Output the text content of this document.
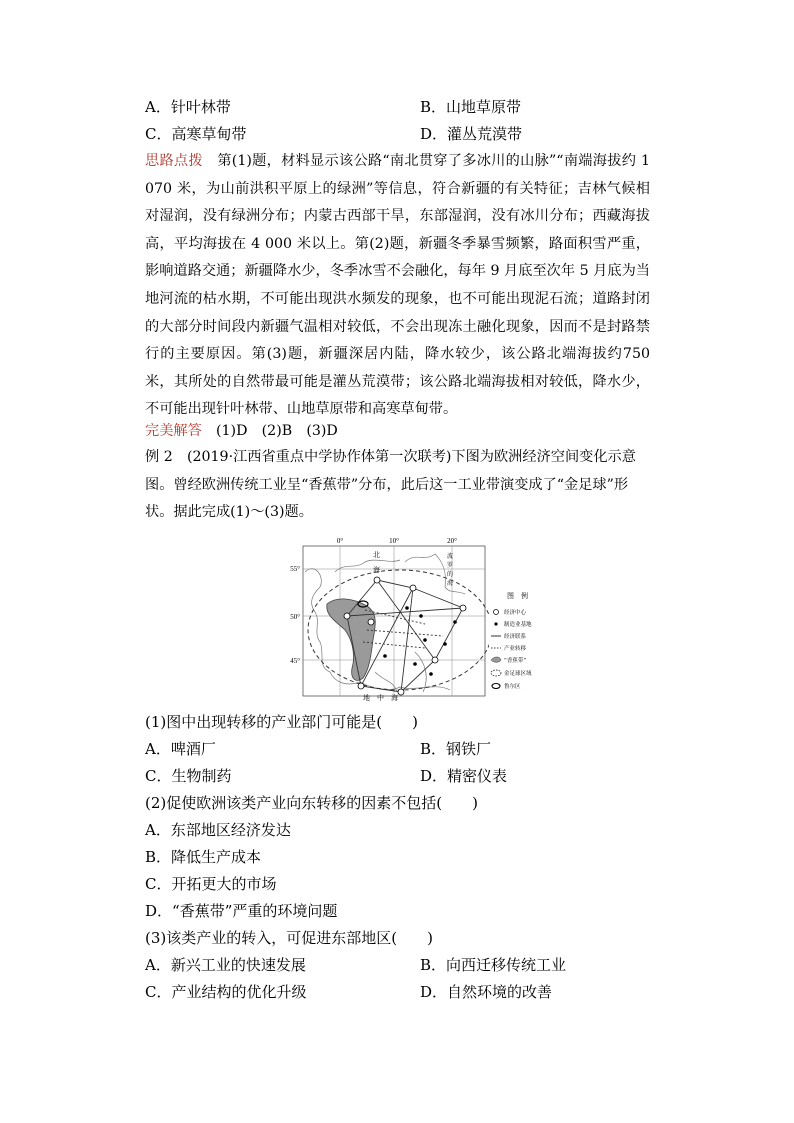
A．针叶林带	B．山地草原带
C．高寒草甸带	D．灌丛荒漠带
思路点拨　 第(1)题，材料显示该公路“南北贯穿了多冰川的山脉”“南端海拔约 1 070 米，为山前洪积平原上的绿洲”等信息，符合新疆的有关特征；吉林气候相对湿润，没有绿洲分布；内蒙古西部干旱，东部湿润，没有冰川分布；西藏海拔高，平均海拔在 4 000 米以上。第(2)题，新疆冬季暴雪频繁，路面积雪严重，影响道路交通；新疆降水少，冬季冰雪不会融化，每年 9 月底至次年 5 月底为当地河流的枯水期，不可能出现洪水频发的现象，也不可能出现泥石流；道路封闭的大部分时间段内新疆气温相对较低，不会出现冻土融化现象，因而不是封路禁行的主要原因。第(3)题，新疆深居内陆，降水较少，该公路北端海拔约750 米，其所处的自然带最可能是灌丛荒漠带；该公路北端海拔相对较低，降水少，不可能出现针叶林带、山地草原带和高寒草甸带。
完美解答　 (1)D　(2)B　(3)D
例 2　 (2019·江西省重点中学协作体第一次联考)下图为欧洲经济空间变化示意图。曾经欧洲传统工业呈“香蕉带”分布，此后这一工业带演变成了“金足球”形状。据此完成(1)～(3)题。
0°	10°	20°
55°
50°
45°
北
海
波
罗
的
海
地　中　海
图　例
经济中心
制造业基地
经济联系
产业转移
“香蕉带”
金足球区域
鲁尔区
(1)图中出现转移的产业部门可能是(　　)
A．啤酒厂	B．钢铁厂
C．生物制药	D．精密仪表
(2)促使欧洲该类产业向东转移的因素不包括(　　)
A．东部地区经济发达
B．降低生产成本
C．开拓更大的市场
D．“香蕉带”严重的环境问题
(3)该类产业的转入，可促进东部地区(　　)
A．新兴工业的快速发展	B．向西迁移传统工业
C．产业结构的优化升级	D．自然环境的改善
